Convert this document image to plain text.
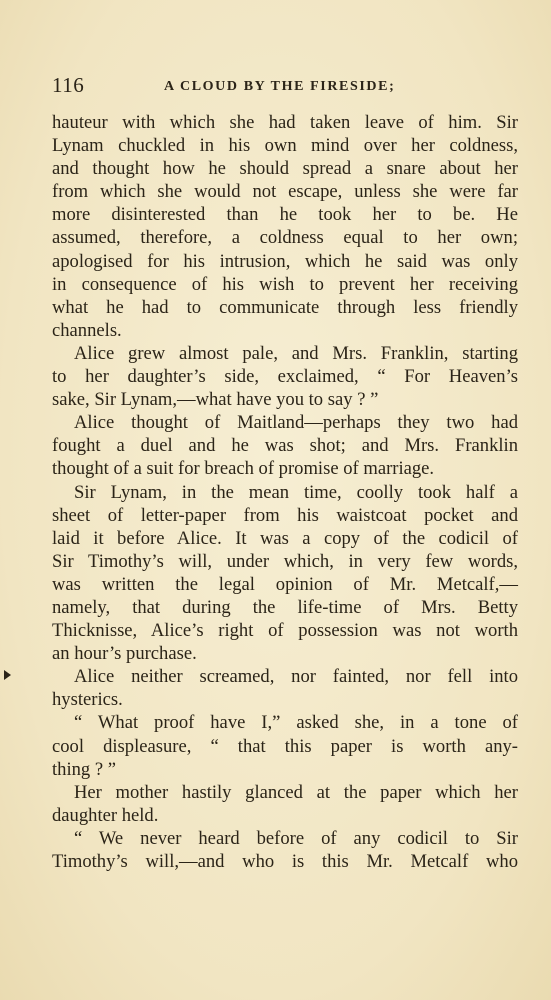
116	A CLOUD BY THE FIRESIDE;
hauteur with which she had taken leave of him. Sir
Lynam chuckled in his own mind over her coldness,
and thought how he should spread a snare about her
from which she would not escape, unless she were far
more disinterested than he took her to be. He
assumed, therefore, a coldness equal to her own;
apologised for his intrusion, which he said was only
in consequence of his wish to prevent her receiving
what he had to communicate through less friendly
channels.
Alice grew almost pale, and Mrs. Franklin, starting
to her daughter’s side, exclaimed, “ For Heaven’s
sake, Sir Lynam,—what have you to say ? ”
Alice thought of Maitland—perhaps they two had
fought a duel and he was shot; and Mrs. Franklin
thought of a suit for breach of promise of marriage.
Sir Lynam, in the mean time, coolly took half a
sheet of letter-paper from his waistcoat pocket and
laid it before Alice. It was a copy of the codicil of
Sir Timothy’s will, under which, in very few words,
was written the legal opinion of Mr. Metcalf,—
namely, that during the life-time of Mrs. Betty
Thicknisse, Alice’s right of possession was not worth
an hour’s purchase.
Alice neither screamed, nor fainted, nor fell into
hysterics.
“ What proof have I,” asked she, in a tone of
cool displeasure, “ that this paper is worth any-
thing ? ”
Her mother hastily glanced at the paper which her
daughter held.
“ We never heard before of any codicil to Sir
Timothy’s will,—and who is this Mr. Metcalf who
